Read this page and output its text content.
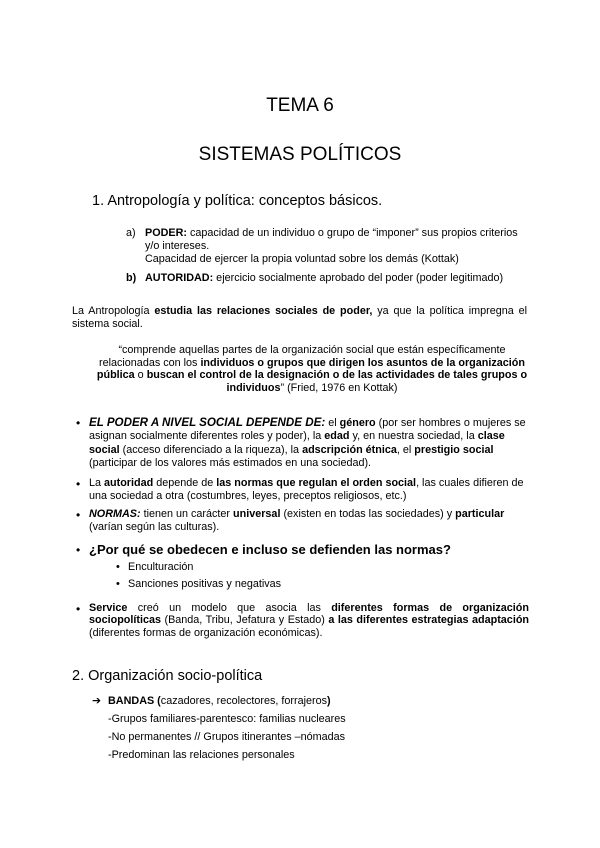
TEMA 6
SISTEMAS POLÍTICOS
1. Antropología y política: conceptos básicos.
a) PODER: capacidad de un individuo o grupo de “imponer” sus propios criterios
y/o intereses.
Capacidad de ejercer la propia voluntad sobre los demás (Kottak)
b) AUTORIDAD: ejercicio socialmente aprobado del poder (poder legitimado)
La Antropología estudia las relaciones sociales de poder, ya que la política impregna el sistema social.
“comprende aquellas partes de la organización social que están específicamente relacionadas con los individuos o grupos que dirigen los asuntos de la organización pública o buscan el control de la designación o de las actividades de tales grupos o individuos” (Fried, 1976 en Kottak)
• EL PODER A NIVEL SOCIAL DEPENDE DE: el género (por ser hombres o mujeres se asignan socialmente diferentes roles y poder), la edad y, en nuestra sociedad, la clase social (acceso diferenciado a la riqueza), la adscripción étnica, el prestigio social (participar de los valores más estimados en una sociedad).
• La autoridad depende de las normas que regulan el orden social, las cuales difieren de una sociedad a otra (costumbres, leyes, preceptos religiosos, etc.)
• NORMAS: tienen un carácter universal (existen en todas las sociedades) y particular (varían según las culturas).
• ¿Por qué se obedecen e incluso se defienden las normas?
• Enculturación
• Sanciones positivas y negativas
• Service creó un modelo que asocia las diferentes formas de organización sociopolíticas (Banda, Tribu, Jefatura y Estado) a las diferentes estrategias adaptación (diferentes formas de organización económicas).
2. Organización socio-política
➔ BANDAS (cazadores, recolectores, forrajeros)
-Grupos familiares-parentesco: familias nucleares
-No permanentes // Grupos itinerantes –nómadas
-Predominan las relaciones personales
